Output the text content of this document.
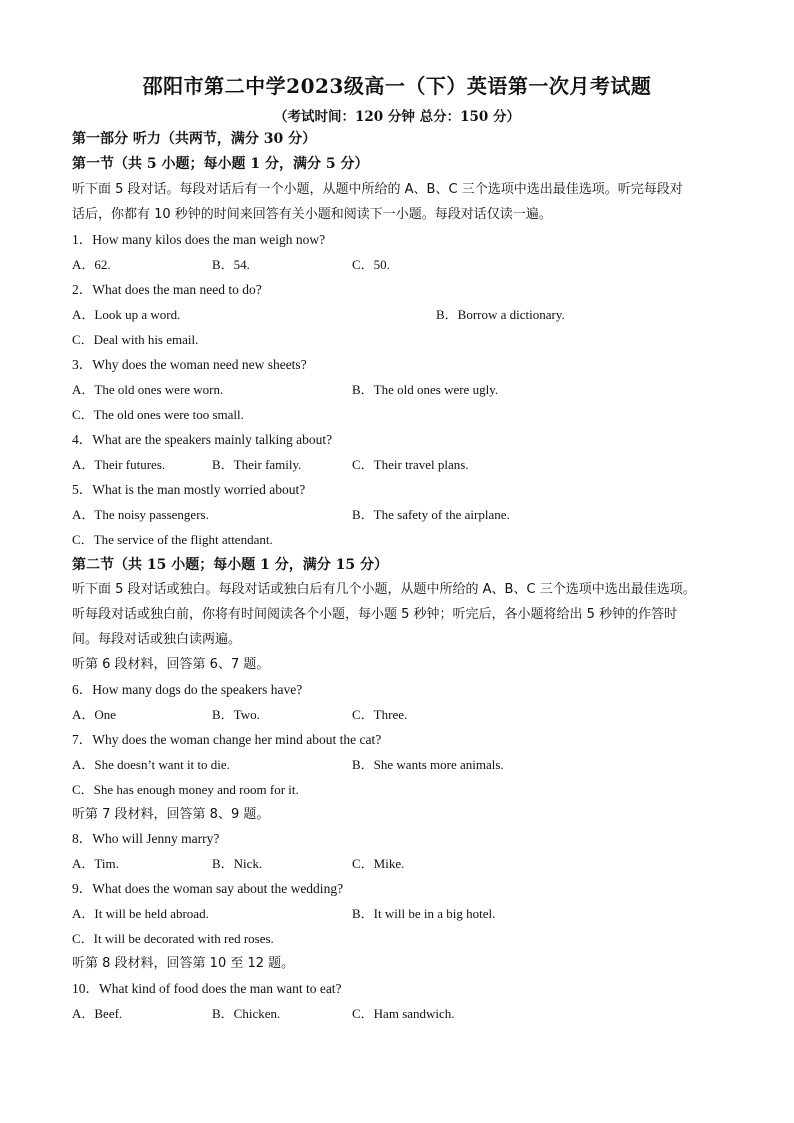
邵阳市第二中学2023级高一（下）英语第一次月考试题
（考试时间：120 分钟 总分：150 分）
第一部分 听力（共两节，满分 30 分）
第一节（共 5 小题；每小题 1 分，满分 5 分）
听下面 5 段对话。每段对话后有一个小题，从题中所给的 A、B、C 三个选项中选出最佳选项。听完每段对
话后，你都有 10 秒钟的时间来回答有关小题和阅读下一小题。每段对话仅读一遍。
1．How many kilos does the man weigh now?
A．62.	B．54.	C．50.
2．What does the man need to do?
A．Look up a word.	B．Borrow a dictionary.
C．Deal with his email.
3．Why does the woman need new sheets?
A．The old ones were worn.	B．The old ones were ugly.
C．The old ones were too small.
4．What are the speakers mainly talking about?
A．Their futures.	B．Their family.	C．Their travel plans.
5．What is the man mostly worried about?
A．The noisy passengers.	B．The safety of the airplane.
C．The service of the flight attendant.
第二节（共 15 小题；每小题 1 分，满分 15 分）
听下面 5 段对话或独白。每段对话或独白后有几个小题，从题中所给的 A、B、C 三个选项中选出最佳选项。
听每段对话或独白前，你将有时间阅读各个小题，每小题 5 秒钟；听完后，各小题将给出 5 秒钟的作答时
间。每段对话或独白读两遍。
听第 6 段材料，回答第 6、7 题。
6．How many dogs do the speakers have?
A．One	B．Two.	C．Three.
7．Why does the woman change her mind about the cat?
A．She doesn’t want it to die.	B．She wants more animals.
C．She has enough money and room for it.
听第 7 段材料，回答第 8、9 题。
8．Who will Jenny marry?
A．Tim.	B．Nick.	C．Mike.
9．What does the woman say about the wedding?
A．It will be held abroad.	B．It will be in a big hotel.
C．It will be decorated with red roses.
听第 8 段材料，回答第 10 至 12 题。
10．What kind of food does the man want to eat?
A．Beef.	B．Chicken.	C．Ham sandwich.
